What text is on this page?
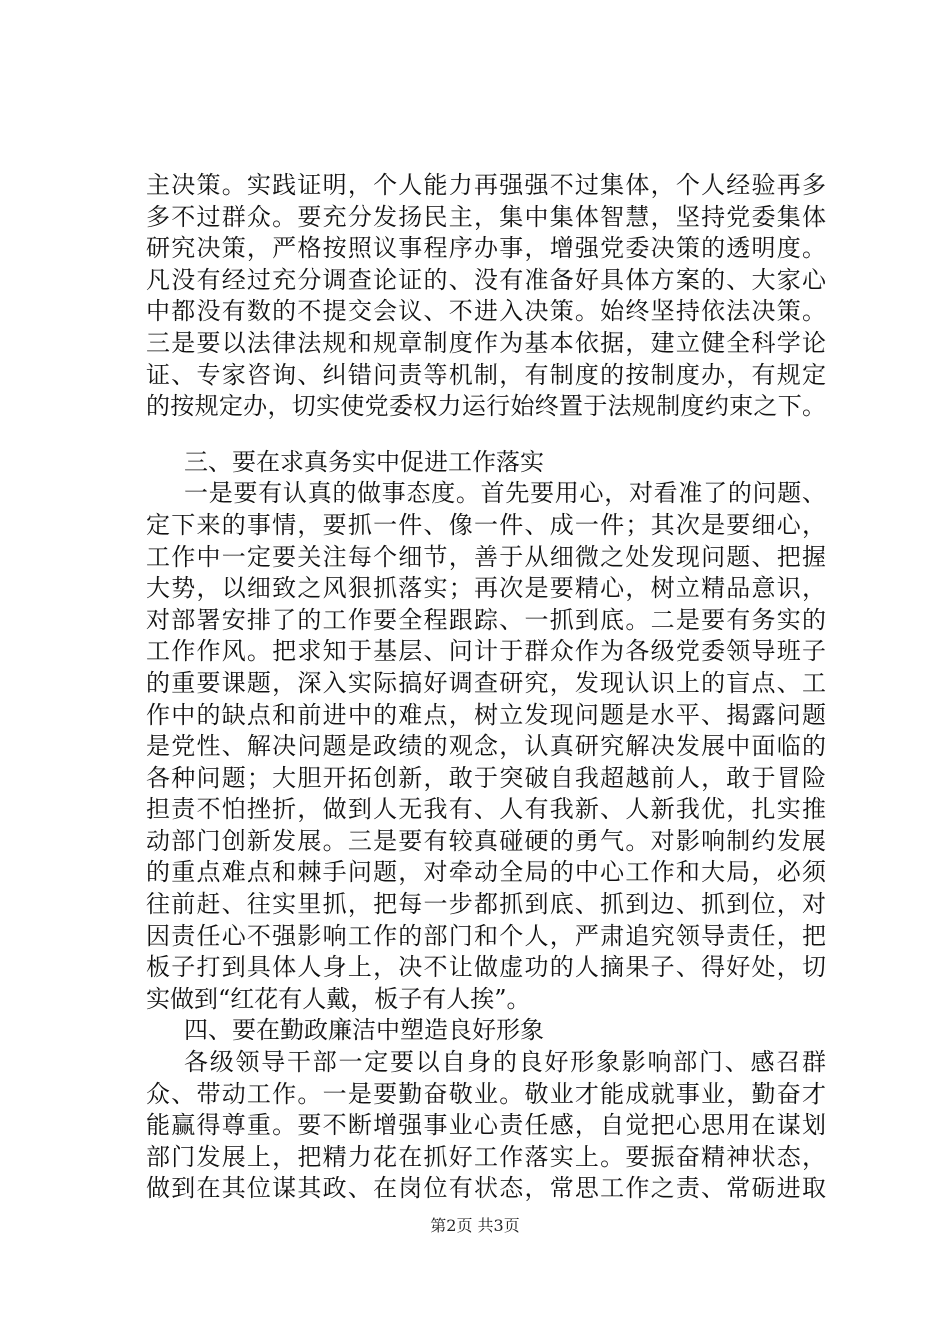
主决策。实践证明，个人能力再强强不过集体，个人经验再多
多不过群众。要充分发扬民主，集中集体智慧，坚持党委集体
研究决策，严格按照议事程序办事，增强党委决策的透明度。
凡没有经过充分调查论证的、没有准备好具体方案的、大家心
中都没有数的不提交会议、不进入决策。始终坚持依法决策。
三是要以法律法规和规章制度作为基本依据，建立健全科学论
证、专家咨询、纠错问责等机制，有制度的按制度办，有规定
的按规定办，切实使党委权力运行始终置于法规制度约束之下。
三、要在求真务实中促进工作落实
一是要有认真的做事态度。首先要用心，对看准了的问题、
定下来的事情，要抓一件、像一件、成一件；其次是要细心，
工作中一定要关注每个细节，善于从细微之处发现问题、把握
大势，以细致之风狠抓落实；再次是要精心，树立精品意识，
对部署安排了的工作要全程跟踪、一抓到底。二是要有务实的
工作作风。把求知于基层、问计于群众作为各级党委领导班子
的重要课题，深入实际搞好调查研究，发现认识上的盲点、工
作中的缺点和前进中的难点，树立发现问题是水平、揭露问题
是党性、解决问题是政绩的观念，认真研究解决发展中面临的
各种问题；大胆开拓创新，敢于突破自我超越前人，敢于冒险
担责不怕挫折，做到人无我有、人有我新、人新我优，扎实推
动部门创新发展。三是要有较真碰硬的勇气。对影响制约发展
的重点难点和棘手问题，对牵动全局的中心工作和大局，必须
往前赶、往实里抓，把每一步都抓到底、抓到边、抓到位，对
因责任心不强影响工作的部门和个人，严肃追究领导责任，把
板子打到具体人身上，决不让做虚功的人摘果子、得好处，切
实做到“红花有人戴，板子有人挨”。
四、要在勤政廉洁中塑造良好形象
各级领导干部一定要以自身的良好形象影响部门、感召群
众、带动工作。一是要勤奋敬业。敬业才能成就事业，勤奋才
能赢得尊重。要不断增强事业心责任感，自觉把心思用在谋划
部门发展上，把精力花在抓好工作落实上。要振奋精神状态，
做到在其位谋其政、在岗位有状态，常思工作之责、常砺进取
第2页 共3页
